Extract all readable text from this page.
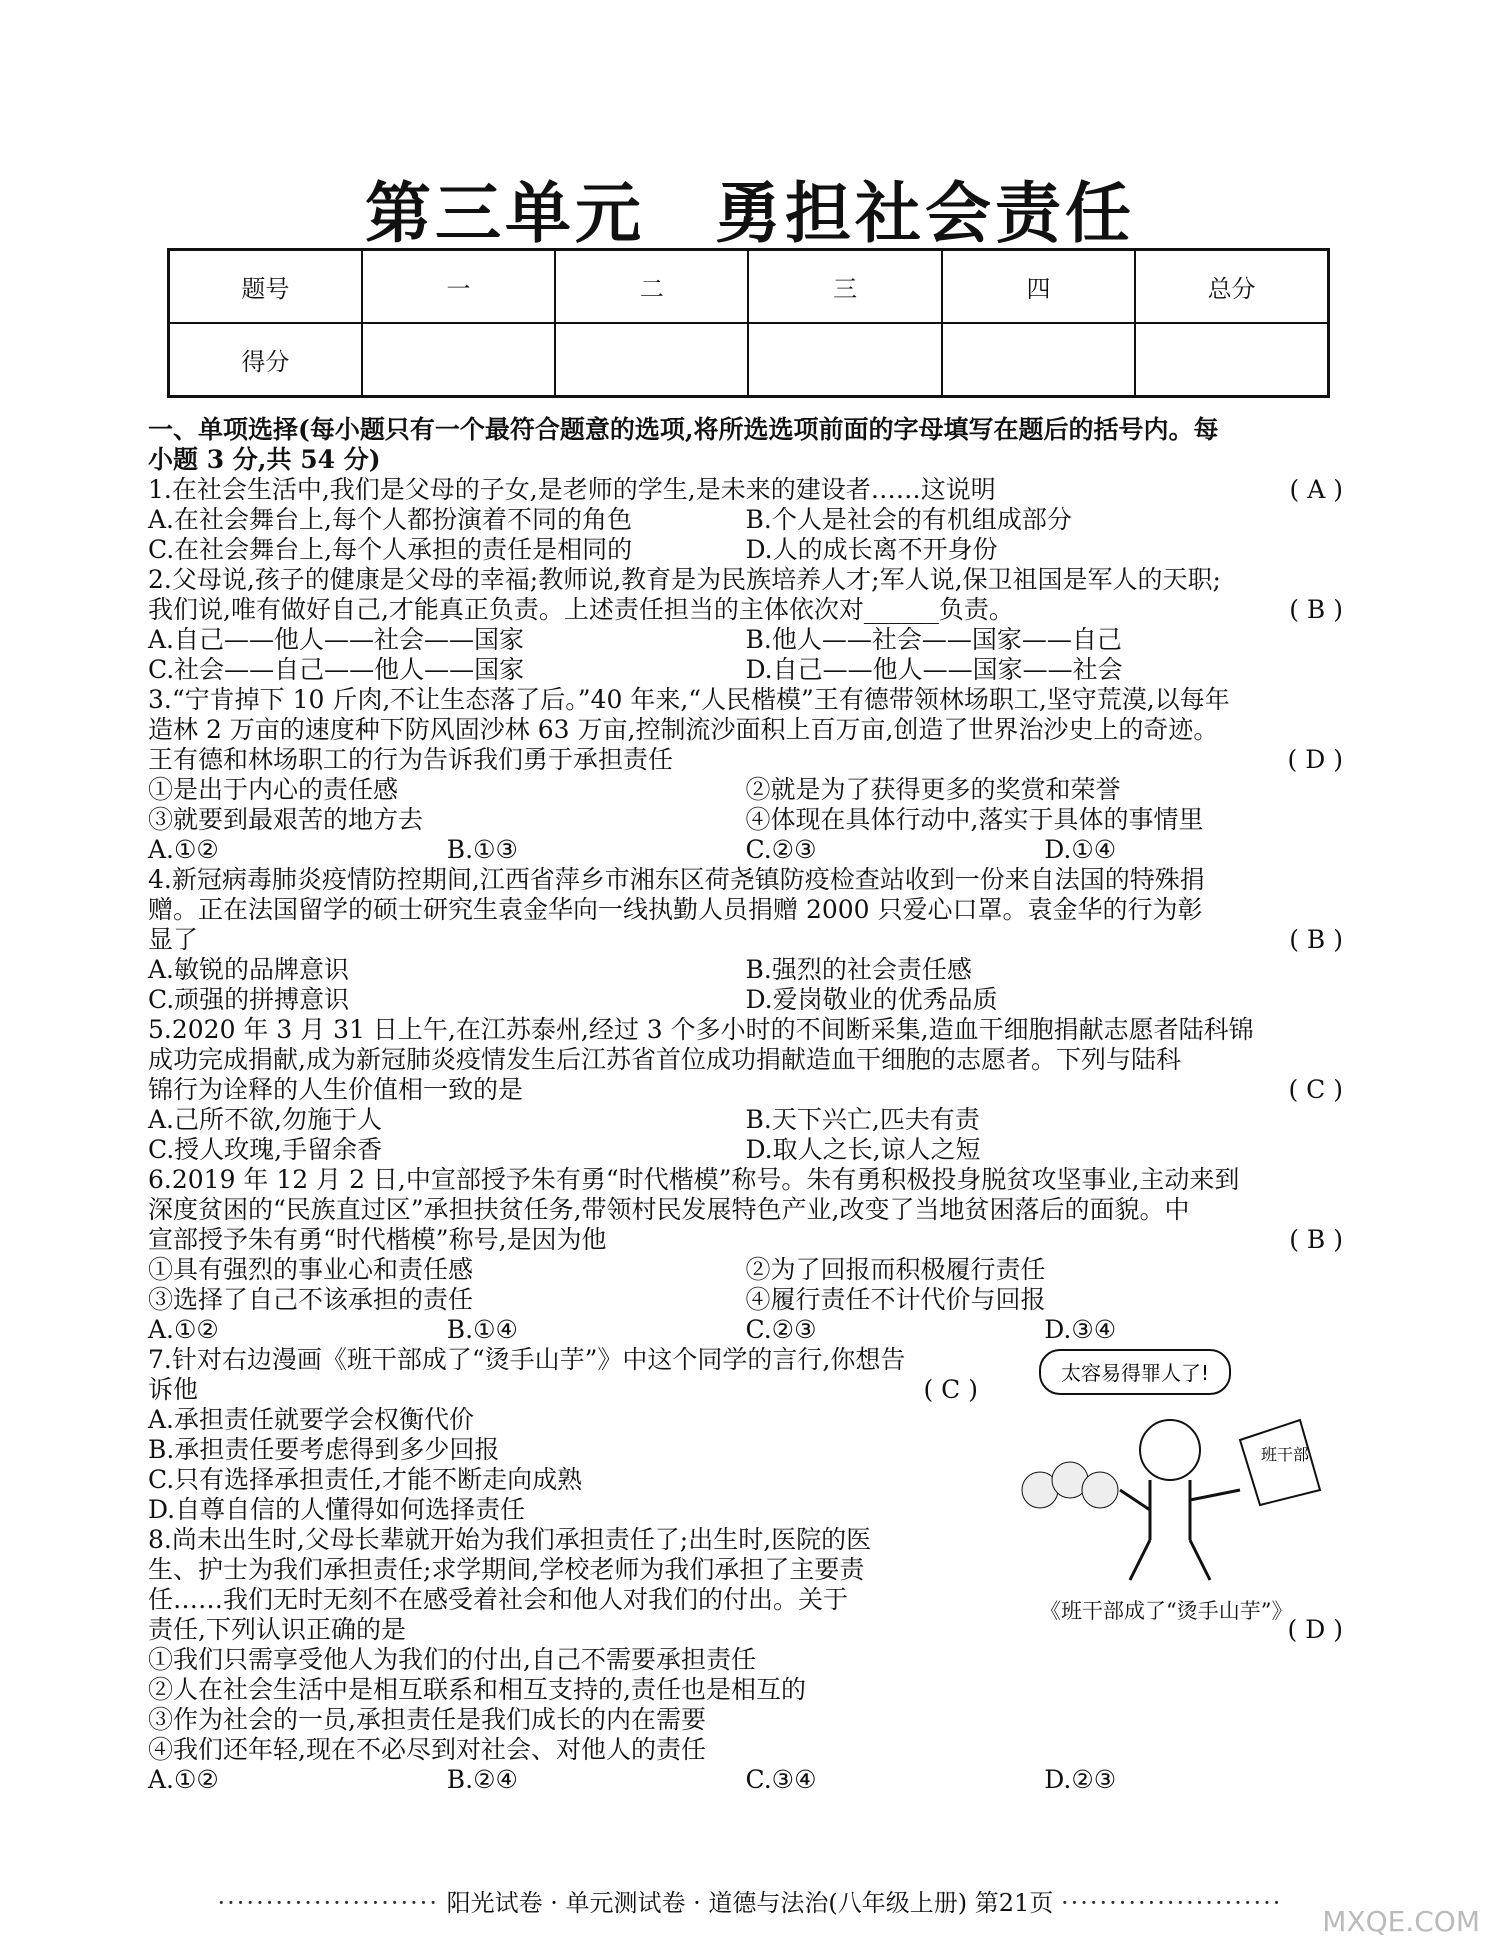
第三单元 勇担社会责任
题号	一	二	三	四	总分
得分					
一、单项选择(每小题只有一个最符合题意的选项,将所选选项前面的字母填写在题后的括号内。每
小题 3 分,共 54 分)
1.在社会生活中,我们是父母的子女,是老师的学生,是未来的建设者……这说明	( A )
A.在社会舞台上,每个人都扮演着不同的角色	B.个人是社会的有机组成部分
C.在社会舞台上,每个人承担的责任是相同的	D.人的成长离不开身份
2.父母说,孩子的健康是父母的幸福;教师说,教育是为民族培养人才;军人说,保卫祖国是军人的天职;
我们说,唯有做好自己,才能真正负责。上述责任担当的主体依次对______负责。	( B )
A.自己——他人——社会——国家	B.他人——社会——国家——自己
C.社会——自己——他人——国家	D.自己——他人——国家——社会
3.“宁肯掉下 10 斤肉,不让生态落了后。”40 年来,“人民楷模”王有德带领林场职工,坚守荒漠,以每年
造林 2 万亩的速度种下防风固沙林 63 万亩,控制流沙面积上百万亩,创造了世界治沙史上的奇迹。
王有德和林场职工的行为告诉我们勇于承担责任	( D )
①是出于内心的责任感	②就是为了获得更多的奖赏和荣誉
③就要到最艰苦的地方去	④体现在具体行动中,落实于具体的事情里
A.①②	B.①③	C.②③	D.①④
4.新冠病毒肺炎疫情防控期间,江西省萍乡市湘东区荷尧镇防疫检查站收到一份来自法国的特殊捐
赠。正在法国留学的硕士研究生袁金华向一线执勤人员捐赠 2000 只爱心口罩。袁金华的行为彰
显了	( B )
A.敏锐的品牌意识	B.强烈的社会责任感
C.顽强的拼搏意识	D.爱岗敬业的优秀品质
5.2020 年 3 月 31 日上午,在江苏泰州,经过 3 个多小时的不间断采集,造血干细胞捐献志愿者陆科锦
成功完成捐献,成为新冠肺炎疫情发生后江苏省首位成功捐献造血干细胞的志愿者。下列与陆科
锦行为诠释的人生价值相一致的是	( C )
A.己所不欲,勿施于人	B.天下兴亡,匹夫有责
C.授人玫瑰,手留余香	D.取人之长,谅人之短
6.2019 年 12 月 2 日,中宣部授予朱有勇“时代楷模”称号。朱有勇积极投身脱贫攻坚事业,主动来到
深度贫困的“民族直过区”承担扶贫任务,带领村民发展特色产业,改变了当地贫困落后的面貌。中
宣部授予朱有勇“时代楷模”称号,是因为他	( B )
①具有强烈的事业心和责任感	②为了回报而积极履行责任
③选择了自己不该承担的责任	④履行责任不计代价与回报
A.①②	B.①④	C.②③	D.③④
7.针对右边漫画《班干部成了“烫手山芋”》中这个同学的言行,你想告
诉他	( C )
A.承担责任就要学会权衡代价
B.承担责任要考虑得到多少回报
C.只有选择承担责任,才能不断走向成熟
D.自尊自信的人懂得如何选择责任
8.尚未出生时,父母长辈就开始为我们承担责任了;出生时,医院的医
生、护士为我们承担责任;求学期间,学校老师为我们承担了主要责
任……我们无时无刻不在感受着社会和他人对我们的付出。关于
责任,下列认识正确的是	( D )
①我们只需享受他人为我们的付出,自己不需要承担责任
②人在社会生活中是相互联系和相互支持的,责任也是相互的
③作为社会的一员,承担责任是我们成长的内在需要
④我们还年轻,现在不必尽到对社会、对他人的责任
A.①②	B.②④	C.③④	D.②③
太容易得罪人了!
班干部
《班干部成了“烫手山芋”》
······················· 阳光试卷 · 单元测试卷 · 道德与法治(八年级上册) 第21页 ·······················
MXQE.COM
